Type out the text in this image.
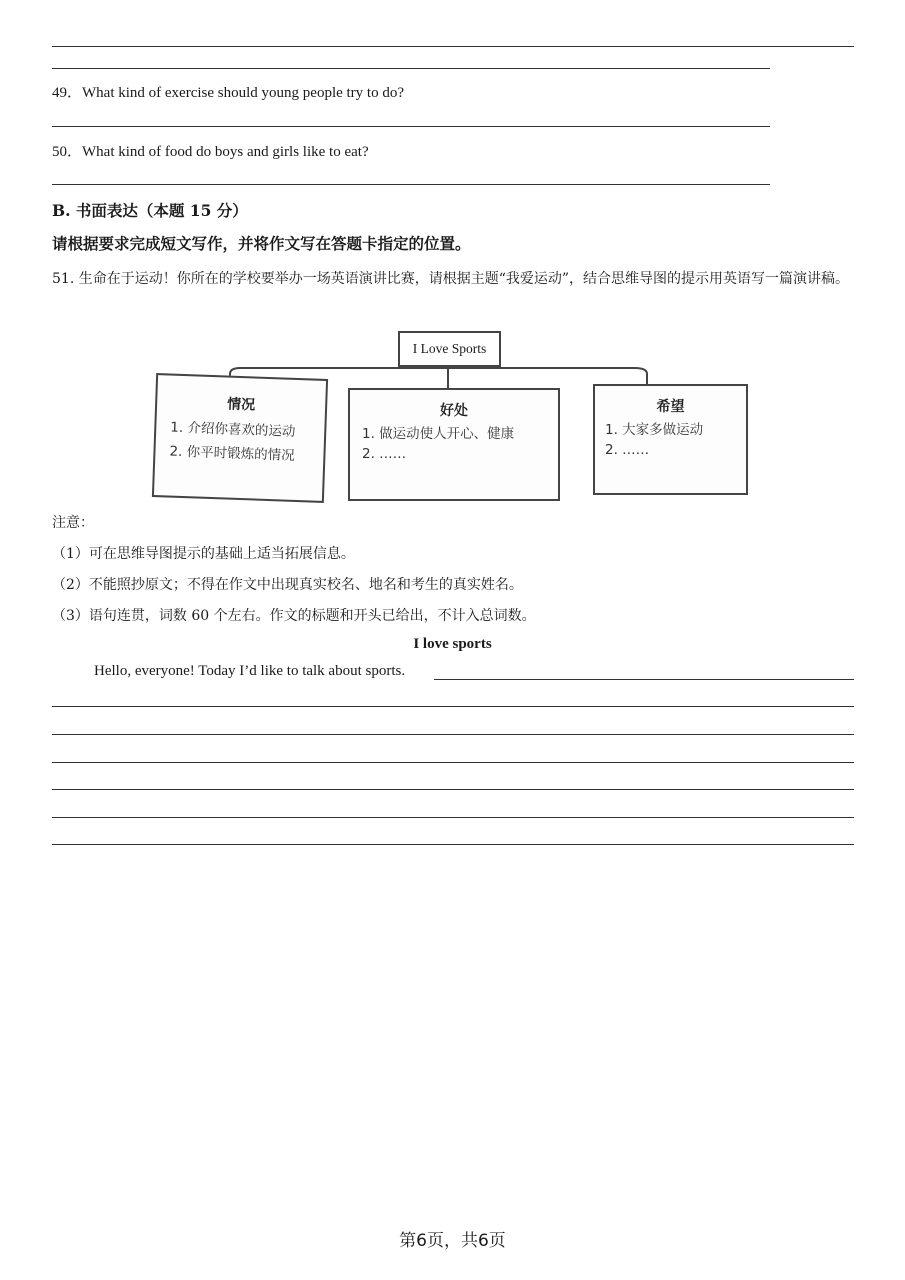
49．What kind of exercise should young people try to do?
50．What kind of food do boys and girls like to eat?
B. 书面表达（本题 15 分）
请根据要求完成短文写作，并将作文写在答题卡指定的位置。
51. 生命在于运动！你所在的学校要举办一场英语演讲比赛，请根据主题“我爱运动”，结合思维导图的提示用英语写一篇演讲稿。
I Love Sports
情况
1. 介绍你喜欢的运动
2. 你平时锻炼的情况
好处
1. 做运动使人开心、健康
2. ……
希望
1. 大家多做运动
2. ……
注意：
（1）可在思维导图提示的基础上适当拓展信息。
（2）不能照抄原文；不得在作文中出现真实校名、地名和考生的真实姓名。
（3）语句连贯，词数 60 个左右。作文的标题和开头已给出，不计入总词数。
I love sports
Hello, everyone! Today I’d like to talk about sports.
第6页，共6页
